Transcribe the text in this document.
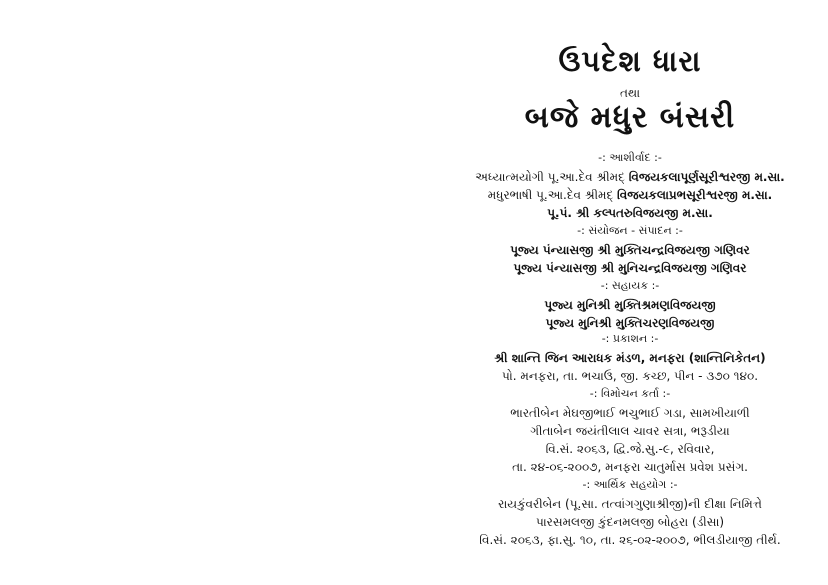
ઉપદેશ ધારા
તથા
બજે મધુર બંસરી
-: આશીર્વાદ :-
અધ્યાત્મયોગી પૂ.આ.દેવ શ્રીમદ્ વિજયકલાપૂર્ણસૂરીશ્વરજી મ.સા.
મધુરભાષી પૂ.આ.દેવ શ્રીમદ્ વિજયકલાપ્રભસૂરીશ્વરજી મ.સા.
પૂ.પં. શ્રી કલ્પતરુવિજયજી મ.સા.
-: સંયોજન - સંપાદન :-
પૂજ્ય પંન્યાસજી શ્રી મુક્તિચન્દ્રવિજયજી ગણિવર
પૂજ્ય પંન્યાસજી શ્રી મુનિચન્દ્રવિજયજી ગણિવર
-: સહાયક :-
પૂજ્ય મુનિશ્રી મુક્તિશ્રમણવિજયજી
પૂજ્ય મુનિશ્રી મુક્તિચરણવિજયજી
-: પ્રકાશન :-
શ્રી શાન્તિ જિન આરાધક મંડળ, મનફરા (શાન્તિનિકેતન)
પો. મનફરા, તા. ભચાઉ, જી. કચ્છ, પીન - ૩૭૦ ૧૪૦.
-: વિમોચન કર્તા :-
ભારતીબેન મેઘજીભાઈ ભચુભાઈ ગડા, સામખીયાળી
ગીતાબેન જયંતીલાલ ચાવર સત્રા, ભરૂડીયા
વિ.સં. ૨૦૬૩, દ્વિ.જે.સુ.-૯, રવિવાર,
તા. ૨૪-૦૬-૨૦૦૭, મનફરા ચાતુર્માસ પ્રવેશ પ્રસંગ.
-: આર્થિક સહયોગ :-
રાયકુંવરીબેન (પૂ.સા. તત્વાંગગુણાશ્રીજી)ની દીક્ષા નિમિત્તે
પારસમલજી કુંદનમલજી બોહરા (ડીસા)
વિ.સં. ૨૦૬૩, ફા.સુ. ૧૦, તા. ૨૬-૦૨-૨૦૦૭, ભીલડીયાજી તીર્થ.
